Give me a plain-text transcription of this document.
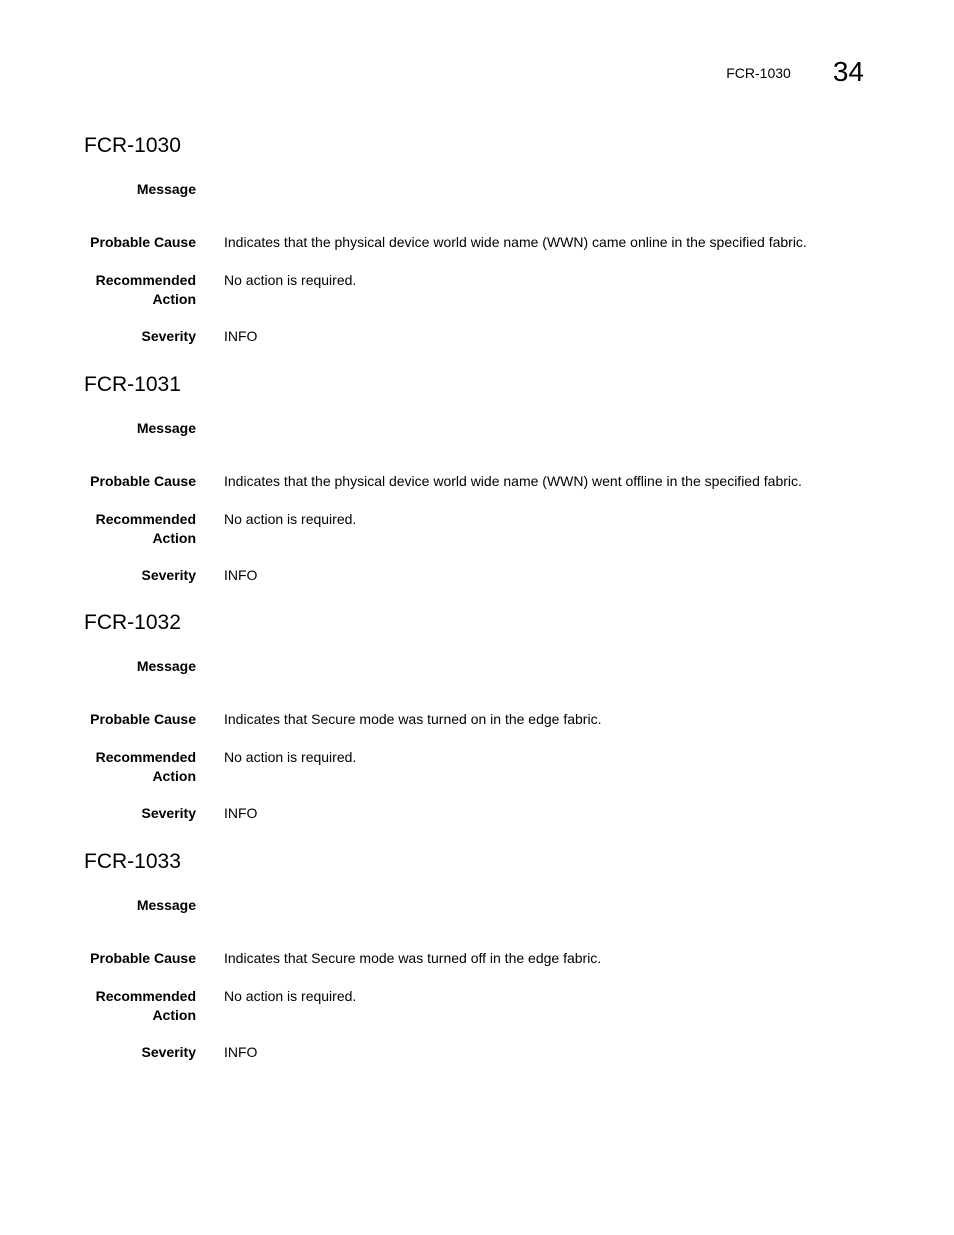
FCR-1030 34
FCR-1030
Message
Probable Cause Indicates that the physical device world wide name (WWN) came online in the specified fabric.
Recommended
Action
No action is required.
Severity INFO
FCR-1031
Message
Probable Cause Indicates that the physical device world wide name (WWN) went offline in the specified fabric.
Recommended
Action
No action is required.
Severity INFO
FCR-1032
Message
Probable Cause Indicates that Secure mode was turned on in the edge fabric.
Recommended
Action
No action is required.
Severity INFO
FCR-1033
Message
Probable Cause Indicates that Secure mode was turned off in the edge fabric.
Recommended
Action
No action is required.
Severity INFO
